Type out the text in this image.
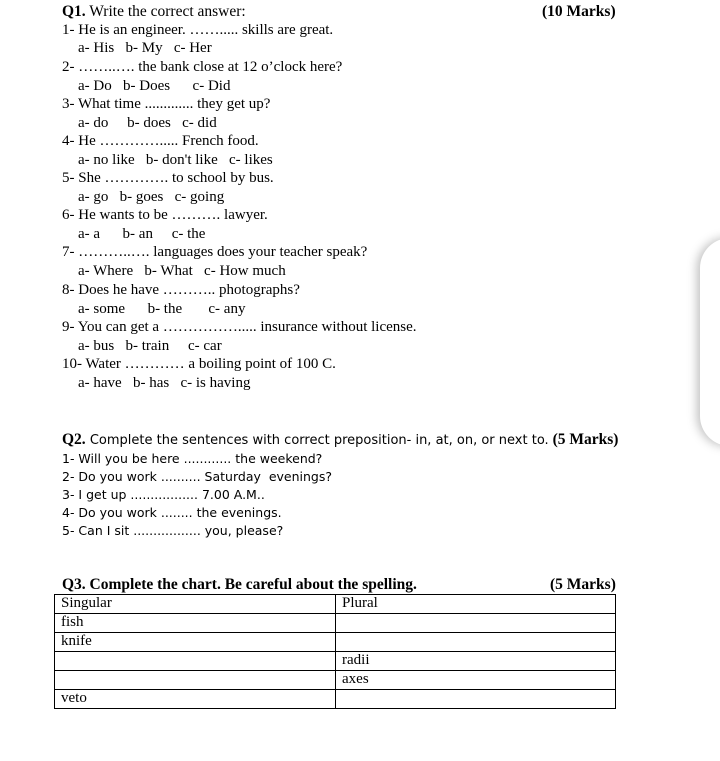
Q1. Write the correct answer:	(10 Marks)
1- He is an engineer. ……..... skills are great.
a- His   b- My   c- Her
2- ……..…. the bank close at 12 o’clock here?
a- Do   b- Does      c- Did
3- What time ............. they get up?
a- do     b- does   c- did
4- He …………..... French food.
a- no like   b- don't like   c- likes
5- She …………. to school by bus.
a- go   b- goes   c- going
6- He wants to be ………. lawyer.
a- a      b- an     c- the
7- ………..…. languages does your teacher speak?
a- Where   b- What   c- How much
8- Does he have ……….. photographs?
a- some      b- the       c- any
9- You can get a ……………..... insurance without license.
a- bus   b- train     c- car
10- Water ………… a boiling point of 100 C.
a- have   b- has   c- is having
Q2. Complete the sentences with correct preposition- in, at, on, or next to. (5 Marks)
1- Will you be here ............ the weekend?
2- Do you work .......... Saturday  evenings?
3- I get up ................. 7.00 A.M..
4- Do you work ........ the evenings.
5- Can I sit ................. you, please?
Q3. Complete the chart. Be careful about the spelling.	(5 Marks)
Singular	Plural
fish	
knife	
	radii
	axes
veto	
